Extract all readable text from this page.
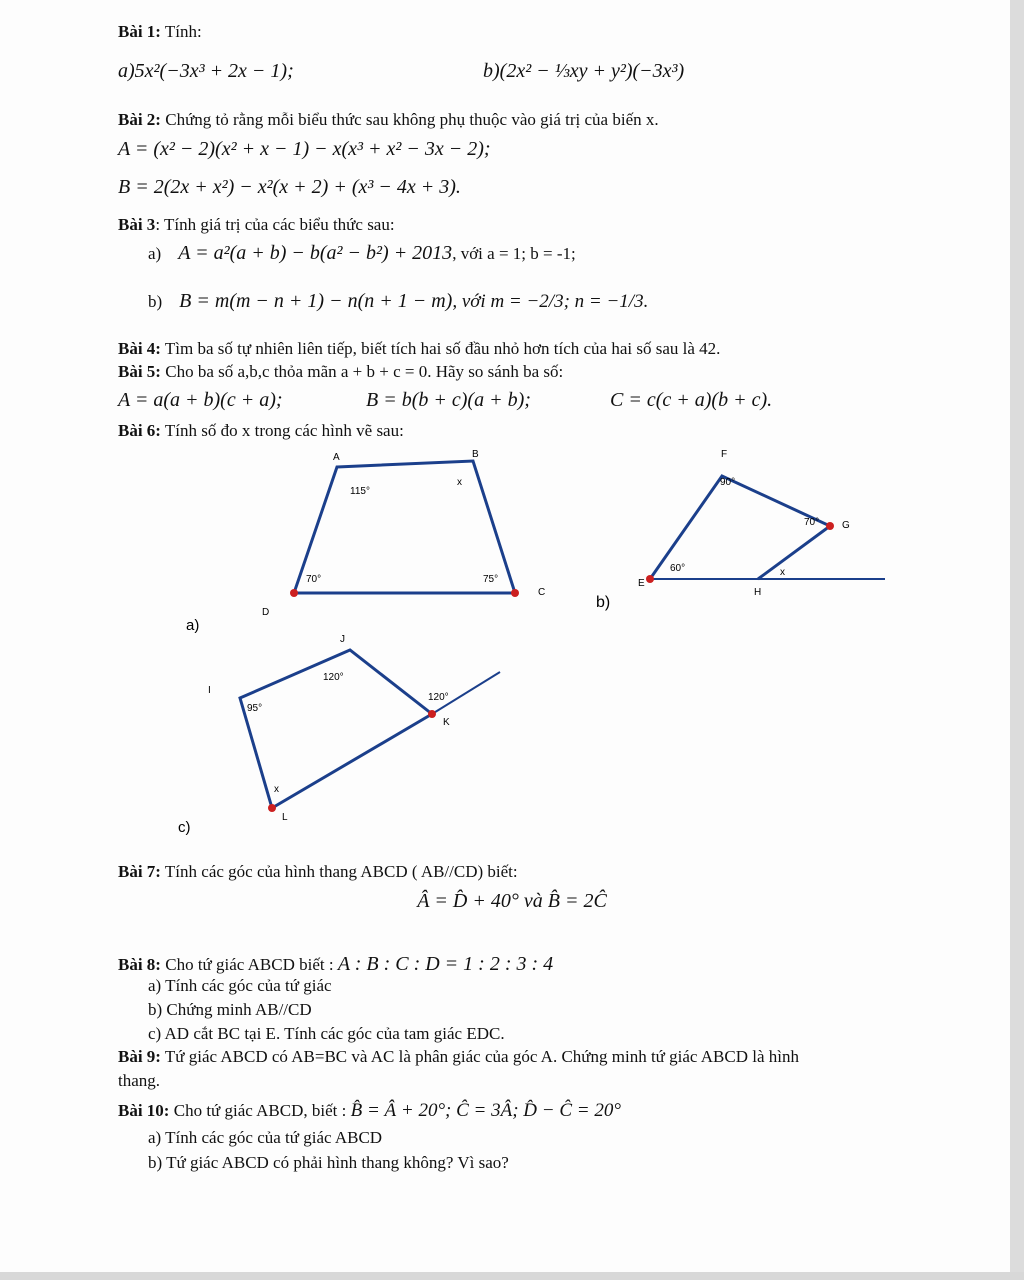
Bài 1: Tính:
a)5x²(−3x³ + 2x − 1);	b)(2x² − ⅓xy + y²)(−3x³)
Bài 2: Chứng tỏ rằng mỗi biểu thức sau không phụ thuộc vào giá trị của biến x.
A = (x² − 2)(x² + x − 1) − x(x³ + x² − 3x − 2);
B = 2(2x + x²) − x²(x + 2) + (x³ − 4x + 3).
Bài 3: Tính giá trị của các biểu thức sau:
a) A = a²(a + b) − b(a² − b²) + 2013, với a = 1; b = -1;
b) B = m(m − n + 1) − n(n + 1 − m), với m = −2/3; n = −1/3.
Bài 4: Tìm ba số tự nhiên liên tiếp, biết tích hai số đầu nhỏ hơn tích của hai số sau là 42.
Bài 5: Cho ba số a,b,c thỏa mãn a + b + c = 0. Hãy so sánh ba số:
A = a(a + b)(c + a);	B = b(b + c)(a + b);	C = c(c + a)(b + c).
Bài 6: Tính số đo x trong các hình vẽ sau:
A	B
C
D
115°
x
75°
70°
a)
F
G
E
H
90°
70°
60°	x
b)
I
J
K
L
95°
120°
120°
x
c)
Bài 7: Tính các góc của hình thang ABCD ( AB//CD) biết:
Â = D̂ + 40° và B̂ = 2Ĉ
Bài 8: Cho tứ giác ABCD biết : A : B : C : D = 1 : 2 : 3 : 4
a) Tính các góc của tứ giác
b) Chứng minh AB//CD
c) AD cắt BC tại E. Tính các góc của tam giác EDC.
Bài 9: Tứ giác ABCD có AB=BC và AC là phân giác của góc A. Chứng minh tứ giác ABCD là hình
thang.
Bài 10: Cho tứ giác ABCD, biết : B̂ = Â + 20°; Ĉ = 3Â; D̂ − Ĉ = 20°
a) Tính các góc của tứ giác ABCD
b) Tứ giác ABCD có phải hình thang không? Vì sao?
